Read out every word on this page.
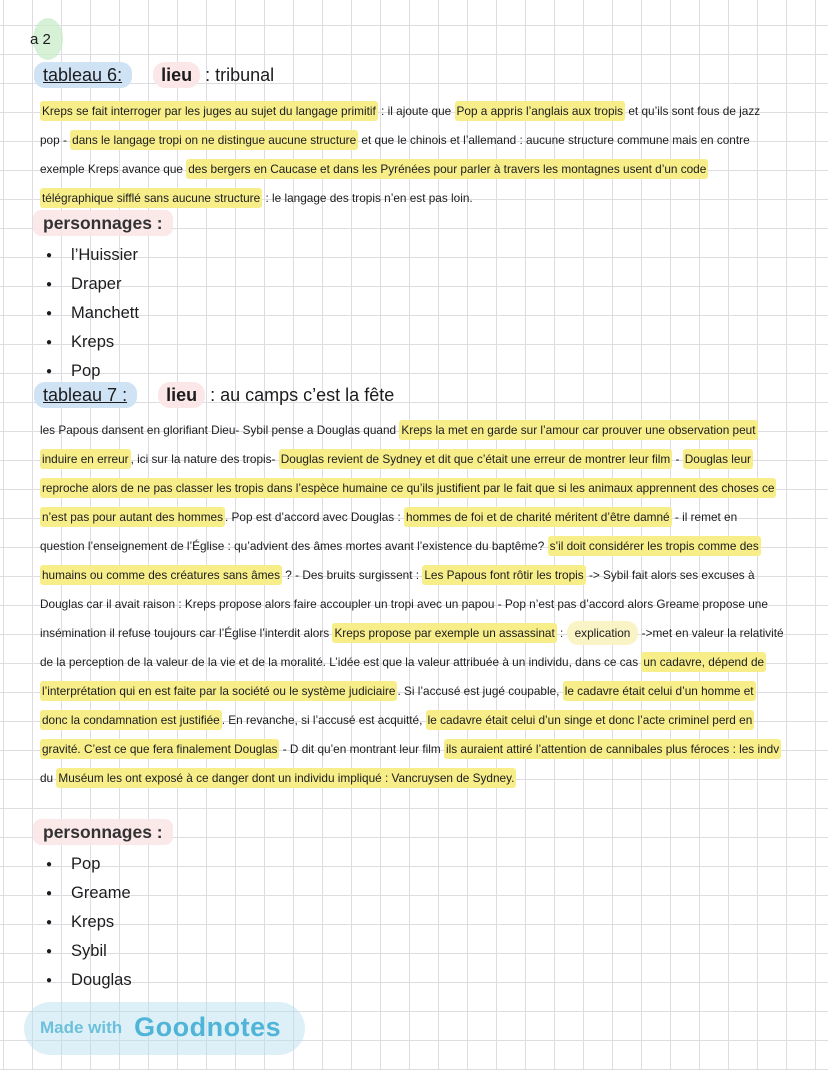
a 2
tableau 6: lieu : tribunal
Kreps se fait interroger par les juges au sujet du langage primitif : il ajoute que Pop a appris l’anglais aux tropis et qu’ils sont fous de jazz
pop - dans le langage tropi on ne distingue aucune structure et que le chinois et l’allemand : aucune structure commune mais en contre
exemple Kreps avance que des bergers en Caucase et dans les Pyrénées pour parler à travers les montagnes usent d’un code
télégraphique sifflé sans aucune structure : le langage des tropis n’en est pas loin.
personnages :
● l’Huissier
● Draper
● Manchett
● Kreps
● Pop
tableau 7 : lieu : au camps c’est la fête
les Papous dansent en glorifiant Dieu- Sybil pense a Douglas quand Kreps la met en garde sur l’amour car prouver une observation peut
induire en erreur , ici sur la nature des tropis- Douglas revient de Sydney et dit que c’était une erreur de montrer leur film - Douglas leur
reproche alors de ne pas classer les tropis dans l’espèce humaine ce qu’ils justifient par le fait que si les animaux apprennent des choses ce
n’est pas pour autant des hommes . Pop est d’accord avec Douglas : hommes de foi et de charité méritent d’être damné - il remet en
question l’enseignement de l’Église : qu’advient des âmes mortes avant l’existence du baptême? s’il doit considérer les tropis comme des
humains ou comme des créatures sans âmes ? - Des bruits surgissent : Les Papous font rôtir les tropis -> Sybil fait alors ses excuses à
Douglas car il avait raison : Kreps propose alors faire accoupler un tropi avec un papou - Pop n’est pas d’accord alors Greame propose une
insémination il refuse toujours car l’Église l’interdit alors Kreps propose par exemple un assassinat : explication ->met en valeur la relativité
de la perception de la valeur de la vie et de la moralité. L’idée est que la valeur attribuée à un individu, dans ce cas un cadavre, dépend de
l’interprétation qui en est faite par la société ou le système judiciaire . Si l’accusé est jugé coupable, le cadavre était celui d’un homme et
donc la condamnation est justifiée . En revanche, si l’accusé est acquitté, le cadavre était celui d’un singe et donc l’acte criminel perd en
gravité. C’est ce que fera finalement Douglas - D dit qu’en montrant leur film ils auraient attiré l’attention de cannibales plus féroces : les indv
du Muséum les ont exposé à ce danger dont un individu impliqué : Vancruysen de Sydney.
personnages :
● Pop
● Greame
● Kreps
● Sybil
● Douglas
Made with Goodnotes
